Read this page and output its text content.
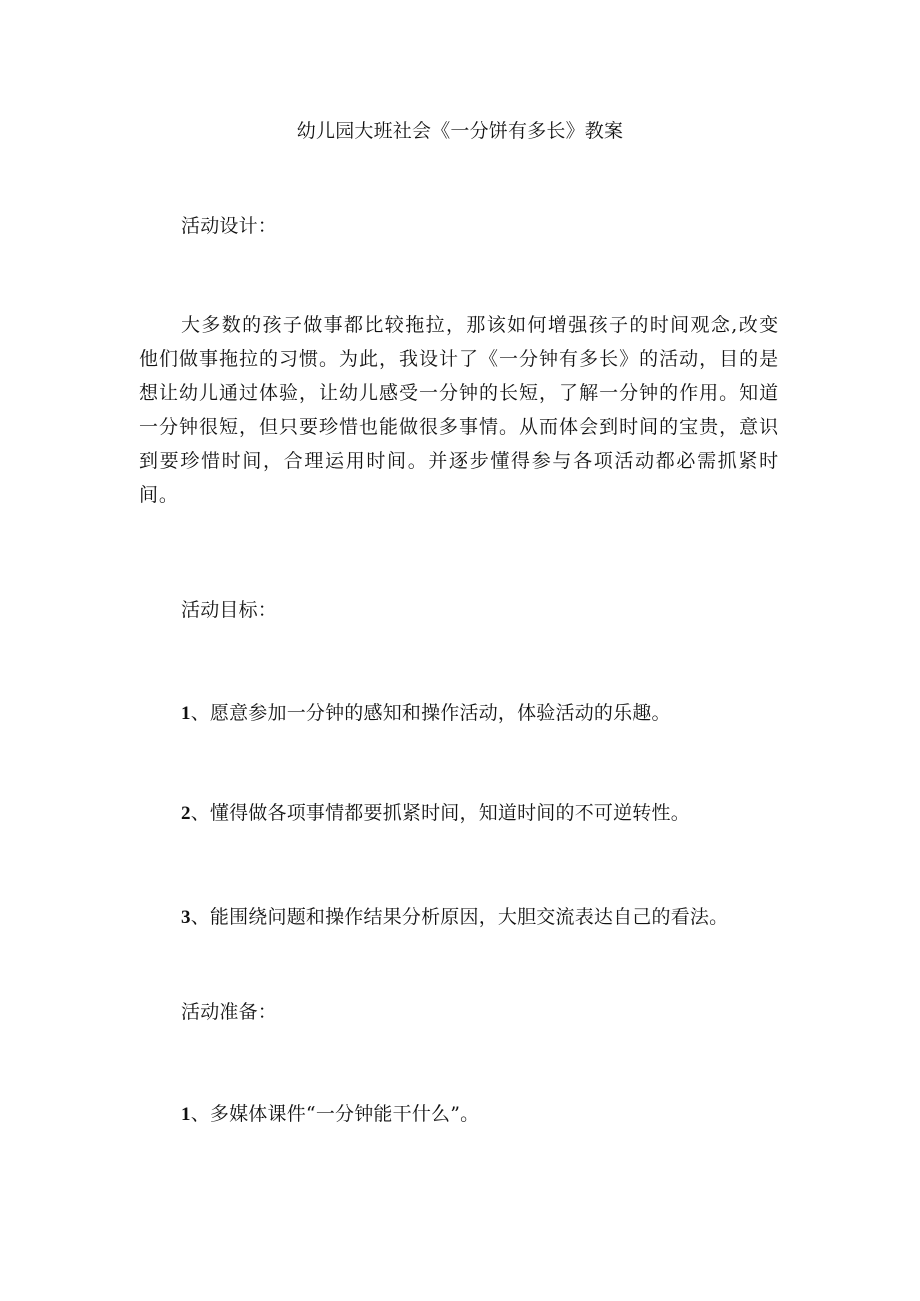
幼儿园大班社会《一分饼有多长》教案
活动设计：
大多数的孩子做事都比较拖拉，那该如何增强孩子的时间观念,改变他们做事拖拉的习惯。为此，我设计了《一分钟有多长》的活动，目的是想让幼儿通过体验，让幼儿感受一分钟的长短，了解一分钟的作用。知道一分钟很短，但只要珍惜也能做很多事情。从而体会到时间的宝贵，意识到要珍惜时间，合理运用时间。并逐步懂得参与各项活动都必需抓紧时间。
活动目标：
1、愿意参加一分钟的感知和操作活动，体验活动的乐趣。
2、懂得做各项事情都要抓紧时间，知道时间的不可逆转性。
3、能围绕问题和操作结果分析原因，大胆交流表达自己的看法。
活动准备：
1、多媒体课件“一分钟能干什么”。
